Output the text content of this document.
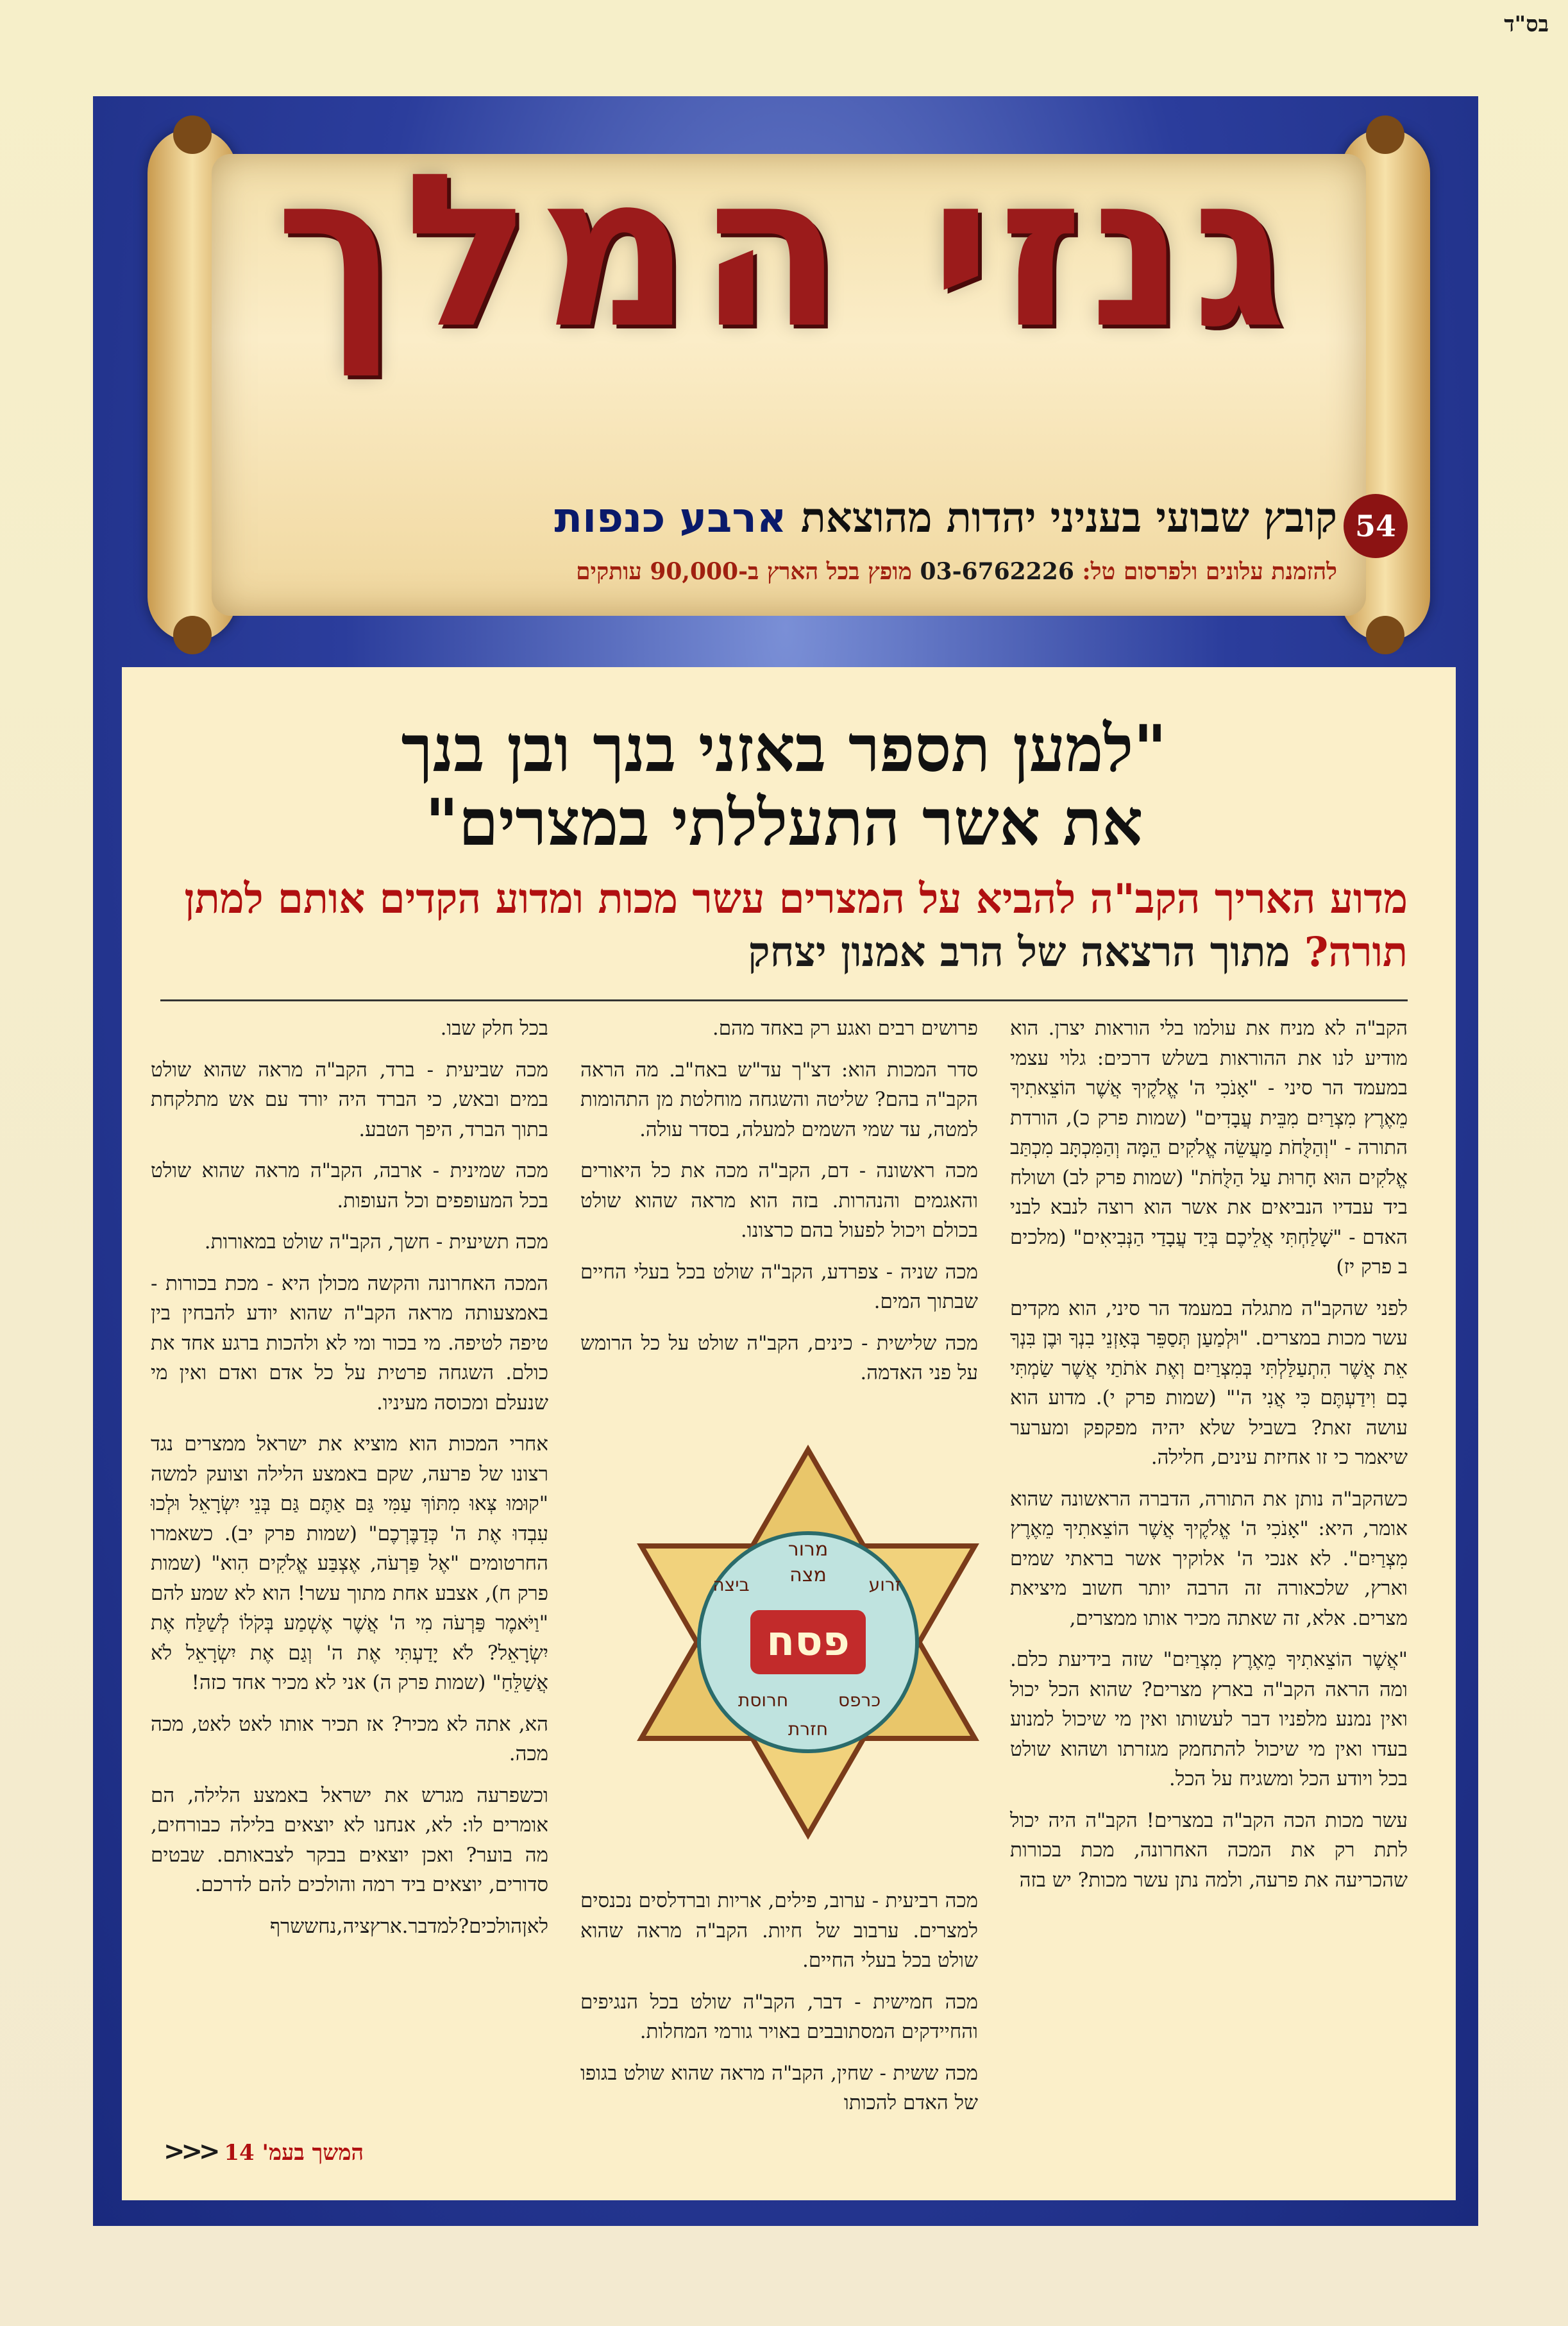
בס"ד
גנזי המלך
54
קובץ שבועי בעניני יהדות מהוצאת ארבע כנפות
להזמנת עלונים ולפרסום טל: 03-6762226 מופץ בכל הארץ ב-90,000 עותקים
"למען תספר באזני בנך ובן בנך
את אשר התעללתי במצרים"
מדוע האריך הקב"ה להביא על המצרים עשר מכות ומדוע הקדים אותם למתן תורה? מתוך הרצאה של הרב אמנון יצחק

הקב"ה לא מניח את עולמו בלי הוראות יצרן. הוא מודיע לנו את ההוראות בשלש דרכים: גלוי עצמי במעמד הר סיני - "אָנֹכִי ה' אֱלֹקֶיךָ אֲשֶׁר הוֹצֵאתִיךָ מֵאֶרֶץ מִצְרַיִם מִבֵּית עֲבָדִים" (שמות פרק כ), הורדת התורה - "וְהַלֻּחֹת מַעֲשֵׂה אֱלֹקִים הֵמָּה וְהַמִּכְתָּב מִכְתַּב אֱלֹקִים הוּא חָרוּת עַל הַלֻּחֹת" (שמות פרק לב) ושולח ביד עבדיו הנביאים את אשר הוא רוצה לנבא לבני האדם - "שָׁלַחְתִּי אֲלֵיכֶם בְּיַד עֲבָדַי הַנְּבִיאִים" (מלכים ב פרק יז)

לפני שהקב"ה מתגלה במעמד הר סיני, הוא מקדים עשר מכות במצרים. "וּלְמַעַן תְּסַפֵּר בְּאָזְנֵי בִנְךָ וּבֶן בִּנְךָ אֵת אֲשֶׁר הִתְעַלַּלְתִּי בְּמִצְרַיִם וְאֶת אֹתֹתַי אֲשֶׁר שַׂמְתִּי בָם וִידַעְתֶּם כִּי אֲנִי ה'" (שמות פרק י). מדוע הוא עושה זאת? בשביל שלא יהיה מפקפק ומערער שיאמר כי זו אחיזת עינים, חלילה.

כשהקב"ה נותן את התורה, הדברה הראשונה שהוא אומר, היא: "אָנֹכִי ה' אֱלֹקֶיךָ אֲשֶׁר הוֹצֵאתִיךָ מֵאֶרֶץ מִצְרַיִם". לא אנכי ה' אלוקיך אשר בראתי שמים וארץ, שלכאורה זה הרבה יותר חשוב מיציאת מצרים. אלא, זה שאתה מכיר אותו ממצרים,

"אֲשֶׁר הוֹצֵאתִיךָ מֵאֶרֶץ מִצְרַיִם" שזה בידיעת כלם. ומה הראה הקב"ה בארץ מצרים? שהוא הכל יכול ואין נמנע מלפניו דבר לעשותו ואין מי שיכול למנוע בעדו ואין מי שיכול להתחמק מגזרתו ושהוא שולט בכל ויודע הכל ומשגיח על הכל.

עשר מכות הכה הקב"ה במצרים! הקב"ה היה יכול לתת רק את המכה האחרונה, מכת בכורות שהכריעה את פרעה, ולמה נתן עשר מכות? יש בזה

פרושים רבים ואגע רק באחד מהם.

סדר המכות הוא: דצ"ך עד"ש באח"ב. מה הראה הקב"ה בהם? שליטה והשגחה מוחלטת מן התהומות למטה, עד שמי השמים למעלה, בסדר עולה.

מכה ראשונה - דם, הקב"ה מכה את כל היאורים והאגמים והנהרות. בזה הוא מראה שהוא שולט בכולם ויכול לפעול בהם כרצונו.

מכה שניה - צפרדע, הקב"ה שולט בכל בעלי החיים שבתוך המים.

מכה שלישית - כינים, הקב"ה שולט על כל הרומש על פני האדמה.

פסח
מרור
מצה זרוע
ביצה
חרוסת	כרפס
חזרת

מכה רביעית - ערוב, פילים, אריות וברדלסים נכנסים למצרים. ערבוב של חיות. הקב"ה מראה שהוא שולט בכל בעלי החיים.

מכה חמישית - דבר, הקב"ה שולט בכל הנגיפים והחיידקים המסתובבים באויר גורמי המחלות.

מכה ששית - שחין, הקב"ה מראה שהוא שולט בגופו של האדם להכותו

בכל חלק שבו.

מכה שביעית - ברד, הקב"ה מראה שהוא שולט במים ובאש, כי הברד היה יורד עם אש מתלקחת בתוך הברד, היפך הטבע.

מכה שמינית - ארבה, הקב"ה מראה שהוא שולט בכל המעופפים וכל העופות.

מכה תשיעית - חשך, הקב"ה שולט במאורות.

המכה האחרונה והקשה מכולן היא - מכת בכורות - באמצעותה מראה הקב"ה שהוא יודע להבחין בין טיפה לטיפה. מי בכור ומי לא ולהכות ברגע אחד את כולם. השגחה פרטית על כל אדם ואדם ואין מי שנעלם ומכוסה מעיניו.

אחרי המכות הוא מוציא את ישראל ממצרים נגד רצונו של פרעה, שקם באמצע הלילה וצועק למשה "קוּמוּ צְּאוּ מִתּוֹךְ עַמִּי גַּם אַתֶּם גַּם בְּנֵי יִשְׂרָאֵל וּלְכוּ עִבְדוּ אֶת ה' כְּדַבֶּרְכֶם" (שמות פרק יב). כשאמרו החרטומים "אֶל פַּרְעֹה, אֶצְבַּע אֱלֹקִים הִוא" (שמות פרק ח), אצבע אחת מתוך עשר! הוא לא שמע להם "וַיֹּאמֶר פַּרְעֹה מִי ה' אֲשֶׁר אֶשְׁמַע בְּקֹלוֹ לְשַׁלַּח אֶת יִשְׂרָאֵל? לֹא יָדַעְתִּי אֶת ה' וְגַם אֶת יִשְׂרָאֵל לֹא אֲשַׁלֵּחַ" (שמות פרק ה) אני לא מכיר אחד כזה!

הא, אתה לא מכיר? אז תכיר אותו לאט לאט, מכה מכה.

וכשפרעה מגרש את ישראל באמצע הלילה, הם אומרים לו: לא, אנחנו לא יוצאים בלילה כבורחים, מה בוער? ואכן יוצאים בבקר לצבאותם. שבטים סדורים, יוצאים ביד רמה והולכים להם לדרכם.

לאןהולכים?למדבר.ארץציה,נחששרף

המשך בעמ' 14 <<<
